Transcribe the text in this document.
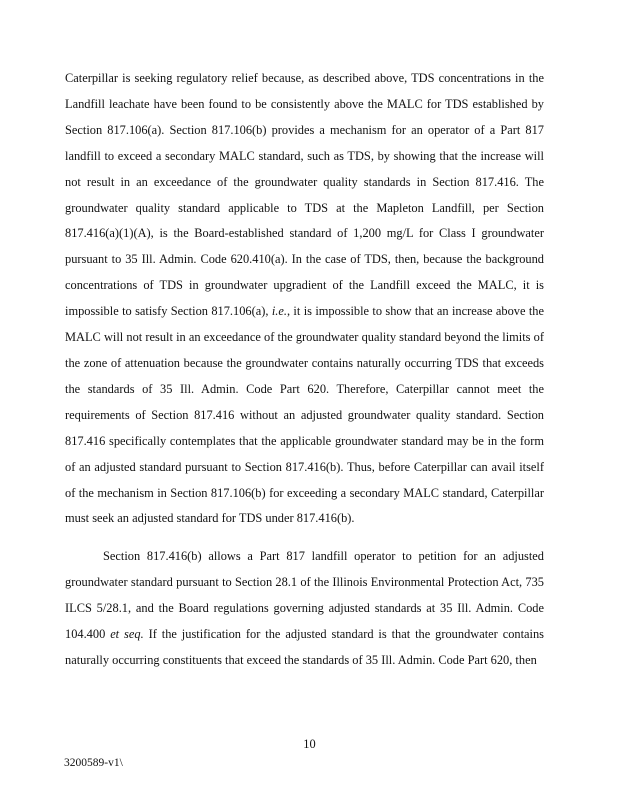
Caterpillar is seeking regulatory relief because, as described above, TDS concentrations in the Landfill leachate have been found to be consistently above the MALC for TDS established by Section 817.106(a). Section 817.106(b) provides a mechanism for an operator of a Part 817 landfill to exceed a secondary MALC standard, such as TDS, by showing that the increase will not result in an exceedance of the groundwater quality standards in Section 817.416. The groundwater quality standard applicable to TDS at the Mapleton Landfill, per Section 817.416(a)(1)(A), is the Board-established standard of 1,200 mg/L for Class I groundwater pursuant to 35 Ill. Admin. Code 620.410(a). In the case of TDS, then, because the background concentrations of TDS in groundwater upgradient of the Landfill exceed the MALC, it is impossible to satisfy Section 817.106(a), i.e., it is impossible to show that an increase above the MALC will not result in an exceedance of the groundwater quality standard beyond the limits of the zone of attenuation because the groundwater contains naturally occurring TDS that exceeds the standards of 35 Ill. Admin. Code Part 620. Therefore, Caterpillar cannot meet the requirements of Section 817.416 without an adjusted groundwater quality standard. Section 817.416 specifically contemplates that the applicable groundwater standard may be in the form of an adjusted standard pursuant to Section 817.416(b). Thus, before Caterpillar can avail itself of the mechanism in Section 817.106(b) for exceeding a secondary MALC standard, Caterpillar must seek an adjusted standard for TDS under 817.416(b).

Section 817.416(b) allows a Part 817 landfill operator to petition for an adjusted groundwater standard pursuant to Section 28.1 of the Illinois Environmental Protection Act, 735 ILCS 5/28.1, and the Board regulations governing adjusted standards at 35 Ill. Admin. Code 104.400 et seq. If the justification for the adjusted standard is that the groundwater contains naturally occurring constituents that exceed the standards of 35 Ill. Admin. Code Part 620, then

10
3200589-v1\
